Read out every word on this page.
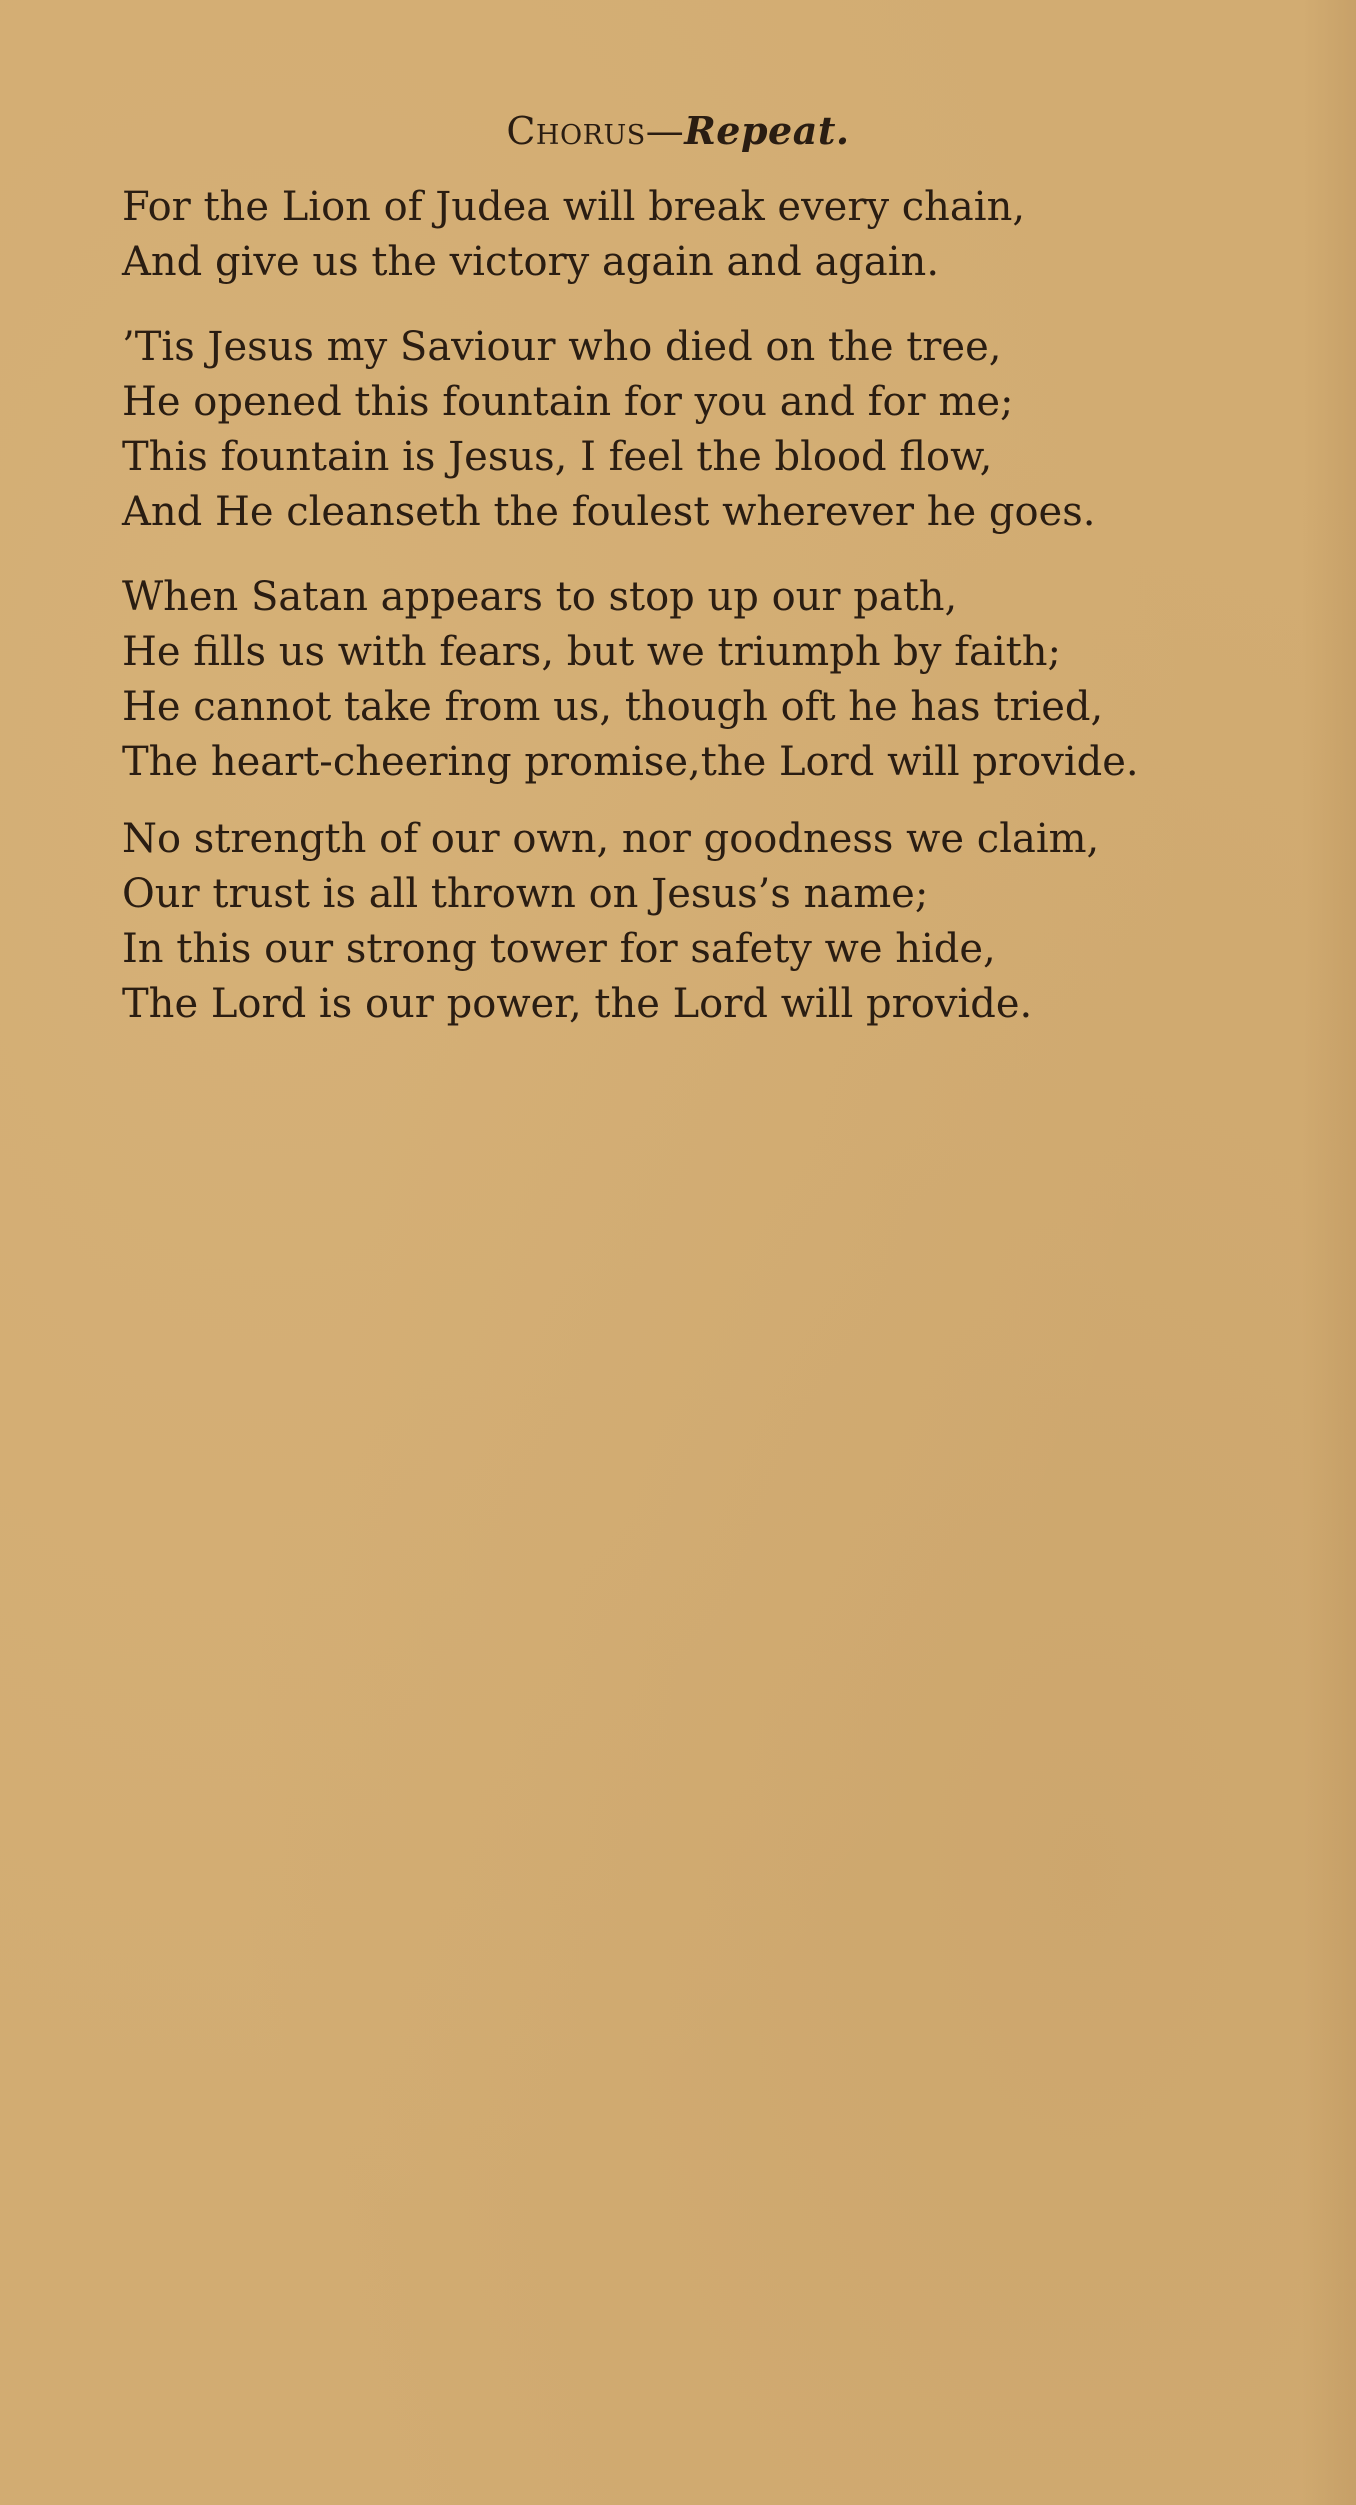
Chorus—Repeat.
For the Lion of Judea will break every chain,
And give us the victory again and again.
’Tis Jesus my Saviour who died on the tree,
He opened this fountain for you and for me;
This fountain is Jesus, I feel the blood flow,
And He cleanseth the foulest wherever he goes.
When Satan appears to stop up our path,
He fills us with fears, but we triumph by faith;
He cannot take from us, though oft he has tried,
The heart-cheering promise,the Lord will provide.
No strength of our own, nor goodness we claim,
Our trust is all thrown on Jesus’s name;
In this our strong tower for safety we hide,
The Lord is our power, the Lord will provide.
